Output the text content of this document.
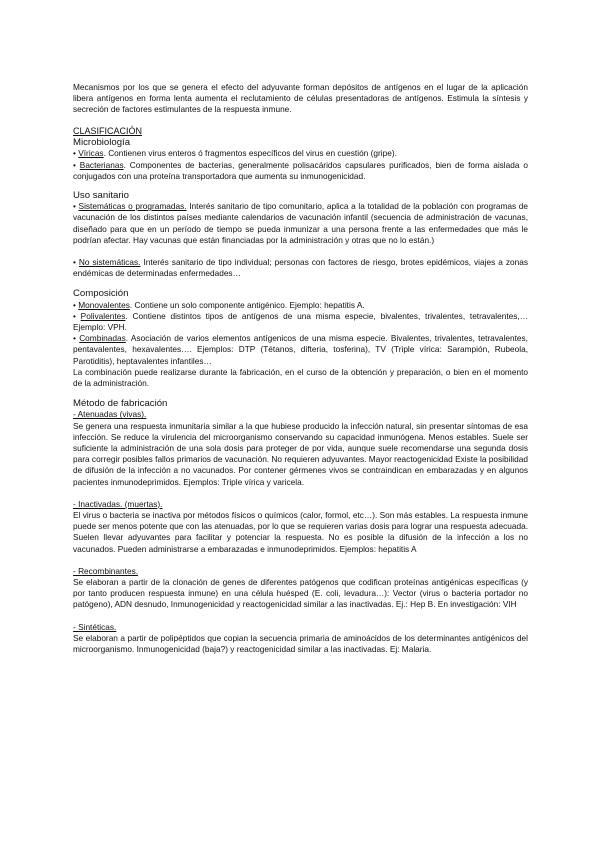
Mecanismos por los que se genera el efecto del adyuvante forman depósitos de antígenos en el lugar de la aplicación libera antígenos en forma lenta aumenta el reclutamiento de células presentadoras de antígenos. Estimula la síntesis y secreción de factores estimulantes de la respuesta inmune.

CLASIFICACIÓN
Microbiología

• Víricas. Contienen virus enteros ó fragmentos específicos del virus en cuestión (gripe).

• Bacterianas. Componentes de bacterias, generalmente polisacáridos capsulares purificados, bien de forma aislada o conjugados con una proteína transportadora que aumenta su inmunogenicidad.

Uso sanitario

• Sistemáticas o programadas. Interés sanitario de tipo comunitario, aplica a la totalidad de la población con programas de vacunación de los distintos países mediante calendarios de vacunación infantil (secuencia de administración de vacunas, diseñado para que en un período de tiempo se pueda inmunizar a una persona frente a las enfermedades que más le podrían afectar. Hay vacunas que están financiadas por la administración y otras que no lo están.)

• No sistemáticas. Interés sanitario de tipo individual; personas con factores de riesgo, brotes epidémicos, viajes a zonas endémicas de determinadas enfermedades…

Composición

• Monovalentes. Contiene un solo componente antigénico. Ejemplo: hepatitis A.

• Polivalentes. Contiene distintos tipos de antígenos de una misma especie, bivalentes, trivalentes, tetravalentes,… Ejemplo: VPH.

• Combinadas. Asociación de varios elementos antígenicos de una misma especie. Bivalentes, trivalentes, tetravalentes, pentavalentes, hexavalentes…. Ejemplos: DTP (Tétanos, difteria, tosferina), TV (Triple vírica: Sarampión, Rubeola, Parotiditis), heptavalentes infantiles…

La combinación puede realizarse durante la fabricación, en el curso de la obtención y preparación, o bien en el momento de la administración.

Método de fabricación

- Atenuadas (vivas).

Se genera una respuesta inmunitaria similar a la que hubiese producido la infección natural, sin presentar síntomas de esa infección. Se reduce la virulencia del microorganismo conservando su capacidad inmunógena. Menos estables. Suele ser suficiente la administración de una sola dosis para proteger de por vida, aunque suele recomendarse una segunda dosis para corregir posibles fallos primarios de vacunación. No requieren adyuvantes. Mayor reactogenicidad Existe la posibilidad de difusión de la infección a no vacunados. Por contener gérmenes vivos se contraindican en embarazadas y en algunos pacientes inmunodeprimidos. Ejemplos: Triple vírica y varicela.

- Inactivadas. (muertas).

El virus o bacteria se inactiva por métodos físicos o químicos (calor, formol, etc…). Son más estables. La respuesta inmune puede ser menos potente que con las atenuadas, por lo que se requieren varias dosis para lograr una respuesta adecuada. Suelen llevar adyuvantes para facilitar y potenciar la respuesta. No es posible la difusión de la infección a los no vacunados. Pueden administrarse a embarazadas e inmunodeprimidos. Ejemplos: hepatitis A

- Recombinantes.

Se elaboran a partir de la clonación de genes de diferentes patógenos que codifican proteínas antigénicas específicas (y por tanto producen respuesta inmune) en una célula huésped (E. coli, levadura…): Vector (virus o bacteria portador no patógeno), ADN desnudo, Inmunogenicidad y reactogenicidad similar a las inactivadas. Ej.: Hep B. En investigación: VIH

- Sintéticas.

Se elaboran a partir de polipéptidos que copian la secuencia primaria de aminoácidos de los determinantes antigénicos del microorganismo. Inmunogenicidad (baja?) y reactogenicidad similar a las inactivadas. Ej: Malaria.
